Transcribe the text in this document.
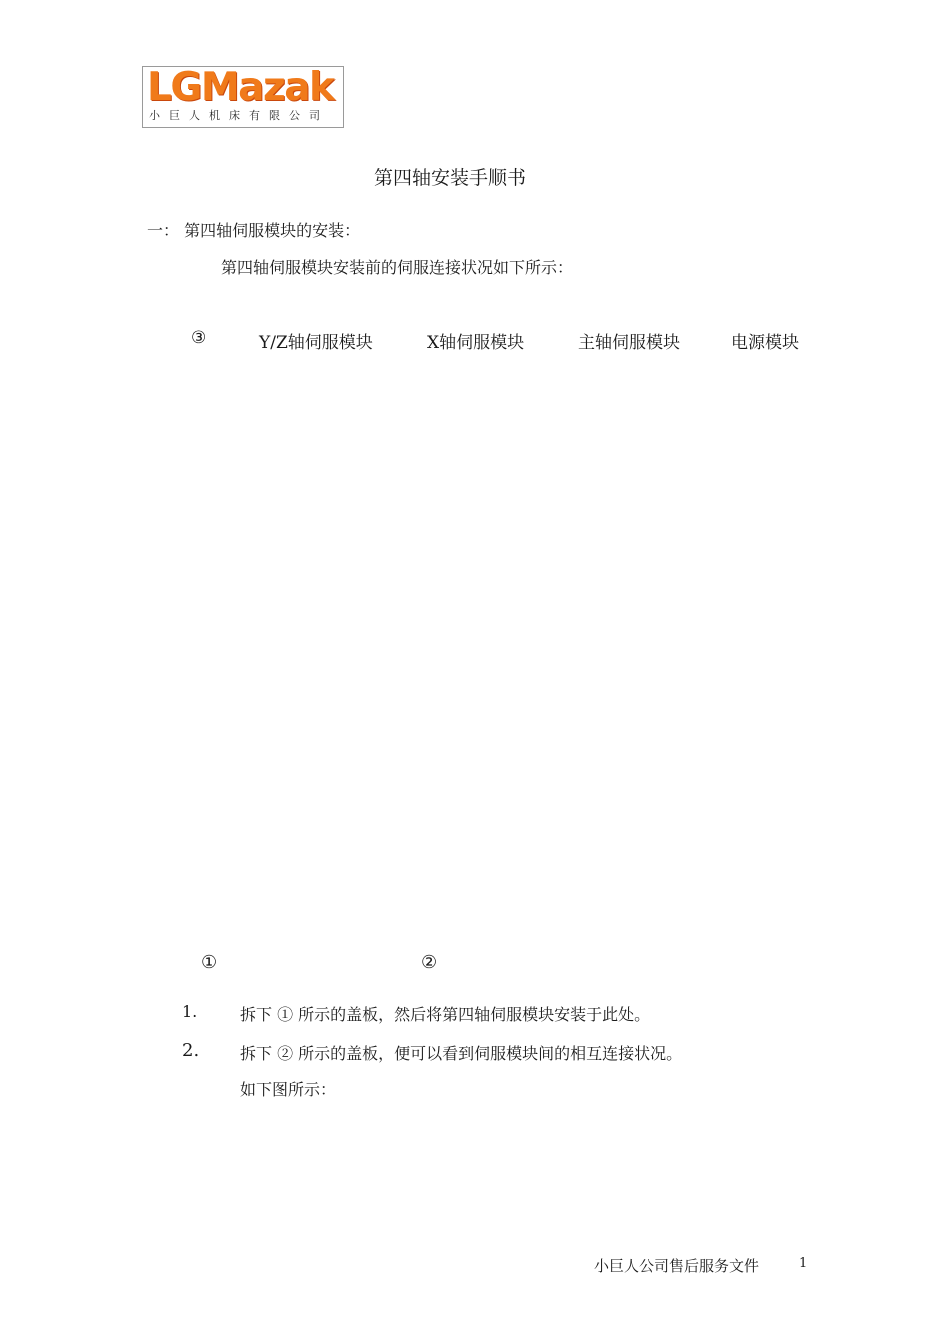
LGMazak
小巨人机床有限公司
第四轴安装手顺书
一： 第四轴伺服模块的安装：
第四轴伺服模块安装前的伺服连接状况如下所示：
③	Y/Z轴伺服模块	X轴伺服模块	主轴伺服模块	电源模块
①	②
1.	拆下 ① 所示的盖板，然后将第四轴伺服模块安装于此处。
2.	拆下 ② 所示的盖板，便可以看到伺服模块间的相互连接状况。
如下图所示：
小巨人公司售后服务文件	1
